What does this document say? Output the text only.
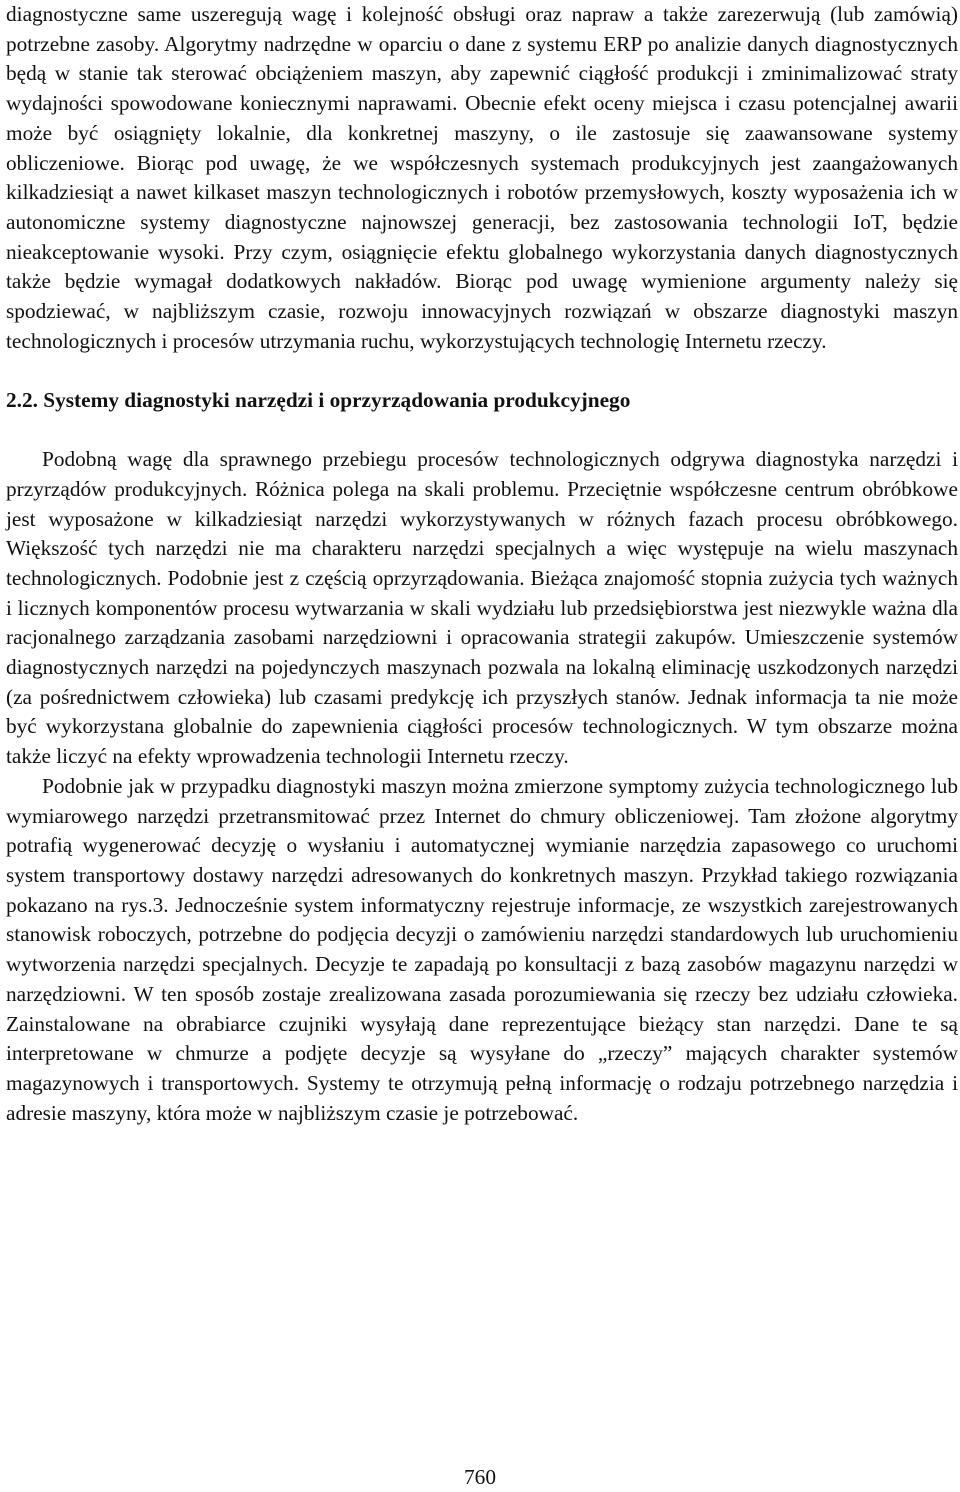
diagnostyczne same uszeregują wagę i kolejność obsługi oraz napraw a także zarezerwują (lub zamówią) potrzebne zasoby. Algorytmy nadrzędne w oparciu o dane z systemu ERP po analizie danych diagnostycznych będą w stanie tak sterować obciążeniem maszyn, aby zapewnić ciągłość produkcji i zminimalizować straty wydajności spowodowane koniecznymi naprawami. Obecnie efekt oceny miejsca i czasu potencjalnej awarii może być osiągnięty lokalnie, dla konkretnej maszyny, o ile zastosuje się zaawansowane systemy obliczeniowe. Biorąc pod uwagę, że we współczesnych systemach produkcyjnych jest zaangażowanych kilkadziesiąt a nawet kilkaset maszyn technologicznych i robotów przemysłowych, koszty wyposażenia ich w autonomiczne systemy diagnostyczne najnowszej generacji, bez zastosowania technologii IoT, będzie nieakceptowanie wysoki. Przy czym, osiągnięcie efektu globalnego wykorzystania danych diagnostycznych także będzie wymagał dodatkowych nakładów. Biorąc pod uwagę wymienione argumenty należy się spodziewać, w najbliższym czasie, rozwoju innowacyjnych rozwiązań w obszarze diagnostyki maszyn technologicznych i procesów utrzymania ruchu, wykorzystujących technologię Internetu rzeczy.

2.2. Systemy diagnostyki narzędzi i oprzyrządowania produkcyjnego

Podobną wagę dla sprawnego przebiegu procesów technologicznych odgrywa diagnostyka narzędzi i przyrządów produkcyjnych. Różnica polega na skali problemu. Przeciętnie współczesne centrum obróbkowe jest wyposażone w kilkadziesiąt narzędzi wykorzystywanych w różnych fazach procesu obróbkowego. Większość tych narzędzi nie ma charakteru narzędzi specjalnych a więc występuje na wielu maszynach technologicznych. Podobnie jest z częścią oprzyrządowania. Bieżąca znajomość stopnia zużycia tych ważnych i licznych komponentów procesu wytwarzania w skali wydziału lub przedsiębiorstwa jest niezwykle ważna dla racjonalnego zarządzania zasobami narzędziowni i opracowania strategii zakupów. Umieszczenie systemów diagnostycznych narzędzi na pojedynczych maszynach pozwala na lokalną eliminację uszkodzonych narzędzi (za pośrednictwem człowieka) lub czasami predykcję ich przyszłych stanów. Jednak informacja ta nie może być wykorzystana globalnie do zapewnienia ciągłości procesów technologicznych. W tym obszarze można także liczyć na efekty wprowadzenia technologii Internetu rzeczy.

Podobnie jak w przypadku diagnostyki maszyn można zmierzone symptomy zużycia technologicznego lub wymiarowego narzędzi przetransmitować przez Internet do chmury obliczeniowej. Tam złożone algorytmy potrafią wygenerować decyzję o wysłaniu i automatycznej wymianie narzędzia zapasowego co uruchomi system transportowy dostawy narzędzi adresowanych do konkretnych maszyn. Przykład takiego rozwiązania pokazano na rys.3. Jednocześnie system informatyczny rejestruje informacje, ze wszystkich zarejestrowanych stanowisk roboczych, potrzebne do podjęcia decyzji o zamówieniu narzędzi standardowych lub uruchomieniu wytworzenia narzędzi specjalnych. Decyzje te zapadają po konsultacji z bazą zasobów magazynu narzędzi w narzędziowni. W ten sposób zostaje zrealizowana zasada porozumiewania się rzeczy bez udziału człowieka. Zainstalowane na obrabiarce czujniki wysyłają dane reprezentujące bieżący stan narzędzi. Dane te są interpretowane w chmurze a podjęte decyzje są wysyłane do „rzeczy” mających charakter systemów magazynowych i transportowych. Systemy te otrzymują pełną informację o rodzaju potrzebnego narzędzia i adresie maszyny, która może w najbliższym czasie je potrzebować.

760
